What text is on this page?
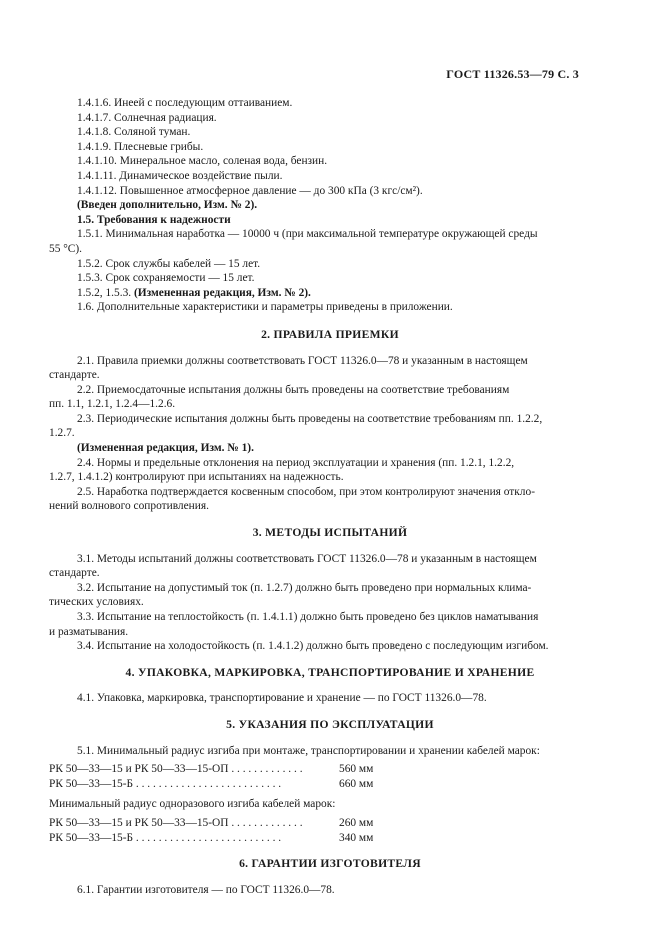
ГОСТ 11326.53—79 С. 3

1.4.1.6. Инеей с последующим оттаиванием.

1.4.1.7. Солнечная радиация.

1.4.1.8. Соляной туман.

1.4.1.9. Плесневые грибы.

1.4.1.10. Минеральное масло, соленая вода, бензин.

1.4.1.11. Динамическое воздействие пыли.

1.4.1.12. Повышенное атмосферное давление — до 300 кПа (3 кгс/см²).

(Введен дополнительно, Изм. № 2).

1.5. Требования к надежности

1.5.1. Минимальная наработка — 10000 ч (при максимальной температуре окружающей среды
55 °С).

1.5.2. Срок службы кабелей — 15 лет.

1.5.3. Срок сохраняемости — 15 лет.

1.5.2, 1.5.3. (Измененная редакция, Изм. № 2).

1.6. Дополнительные характеристики и параметры приведены в приложении.

2. ПРАВИЛА ПРИЕМКИ

2.1. Правила приемки должны соответствовать ГОСТ 11326.0—78 и указанным в настоящем
стандарте.

2.2. Приемосдаточные испытания должны быть проведены на соответствие требованиям
пп. 1.1, 1.2.1, 1.2.4—1.2.6.

2.3. Периодические испытания должны быть проведены на соответствие требованиям пп. 1.2.2,
1.2.7.

(Измененная редакция, Изм. № 1).

2.4. Нормы и предельные отклонения на период эксплуатации и хранения (пп. 1.2.1, 1.2.2,
1.2.7, 1.4.1.2) контролируют при испытаниях на надежность.

2.5. Наработка подтверждается косвенным способом, при этом контролируют значения откло-
нений волнового сопротивления.

3. МЕТОДЫ ИСПЫТАНИЙ

3.1. Методы испытаний должны соответствовать ГОСТ 11326.0—78 и указанным в настоящем
стандарте.

3.2. Испытание на допустимый ток (п. 1.2.7) должно быть проведено при нормальных клима-
тических условиях.

3.3. Испытание на теплостойкость (п. 1.4.1.1) должно быть проведено без циклов наматывания
и разматывания.

3.4. Испытание на холодостойкость (п. 1.4.1.2) должно быть проведено с последующим изгибом.

4. УПАКОВКА, МАРКИРОВКА, ТРАНСПОРТИРОВАНИЕ И ХРАНЕНИЕ

4.1. Упаковка, маркировка, транспортирование и хранение — по ГОСТ 11326.0—78.

5. УКАЗАНИЯ ПО ЭКСПЛУАТАЦИИ

5.1. Минимальный радиус изгиба при монтаже, транспортировании и хранении кабелей марок:

РК 50—33—15 и РК 50—33—15-ОП . . . . . . . . . . . . .	560 мм
РК 50—33—15-Б . . . . . . . . . . . . . . . . . . . . . . . . . .	660 мм

Минимальный радиус одноразового изгиба кабелей марок:

РК 50—33—15 и РК 50—33—15-ОП . . . . . . . . . . . . .	260 мм
РК 50—33—15-Б . . . . . . . . . . . . . . . . . . . . . . . . . .	340 мм
6. ГАРАНТИИ ИЗГОТОВИТЕЛЯ

6.1. Гарантии изготовителя — по ГОСТ 11326.0—78.
